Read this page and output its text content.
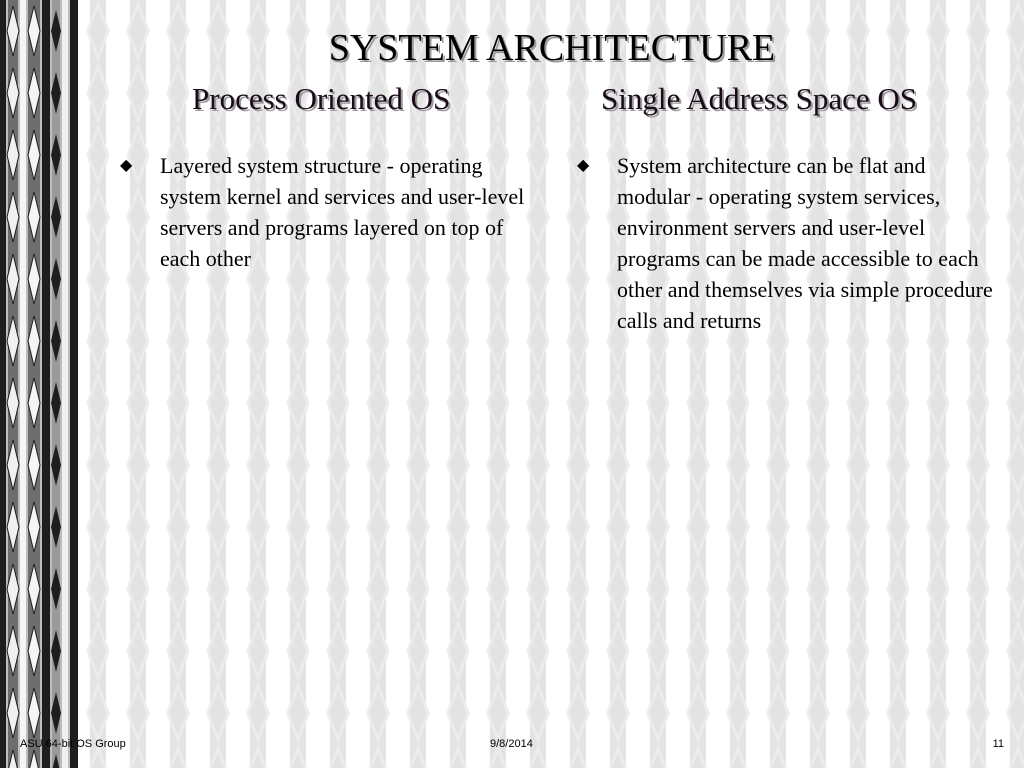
SYSTEM ARCHITECTURE
Process Oriented OS	Single Address Space OS
◆	Layered system structure - operating system kernel and services and user-level servers and programs layered on top of each other
◆	System architecture can be flat and modular - operating system services, environment servers and user-level programs can be made accessible to each other and themselves via simple procedure calls and returns
ASU 64-bit OS Group	9/8/2014	11
